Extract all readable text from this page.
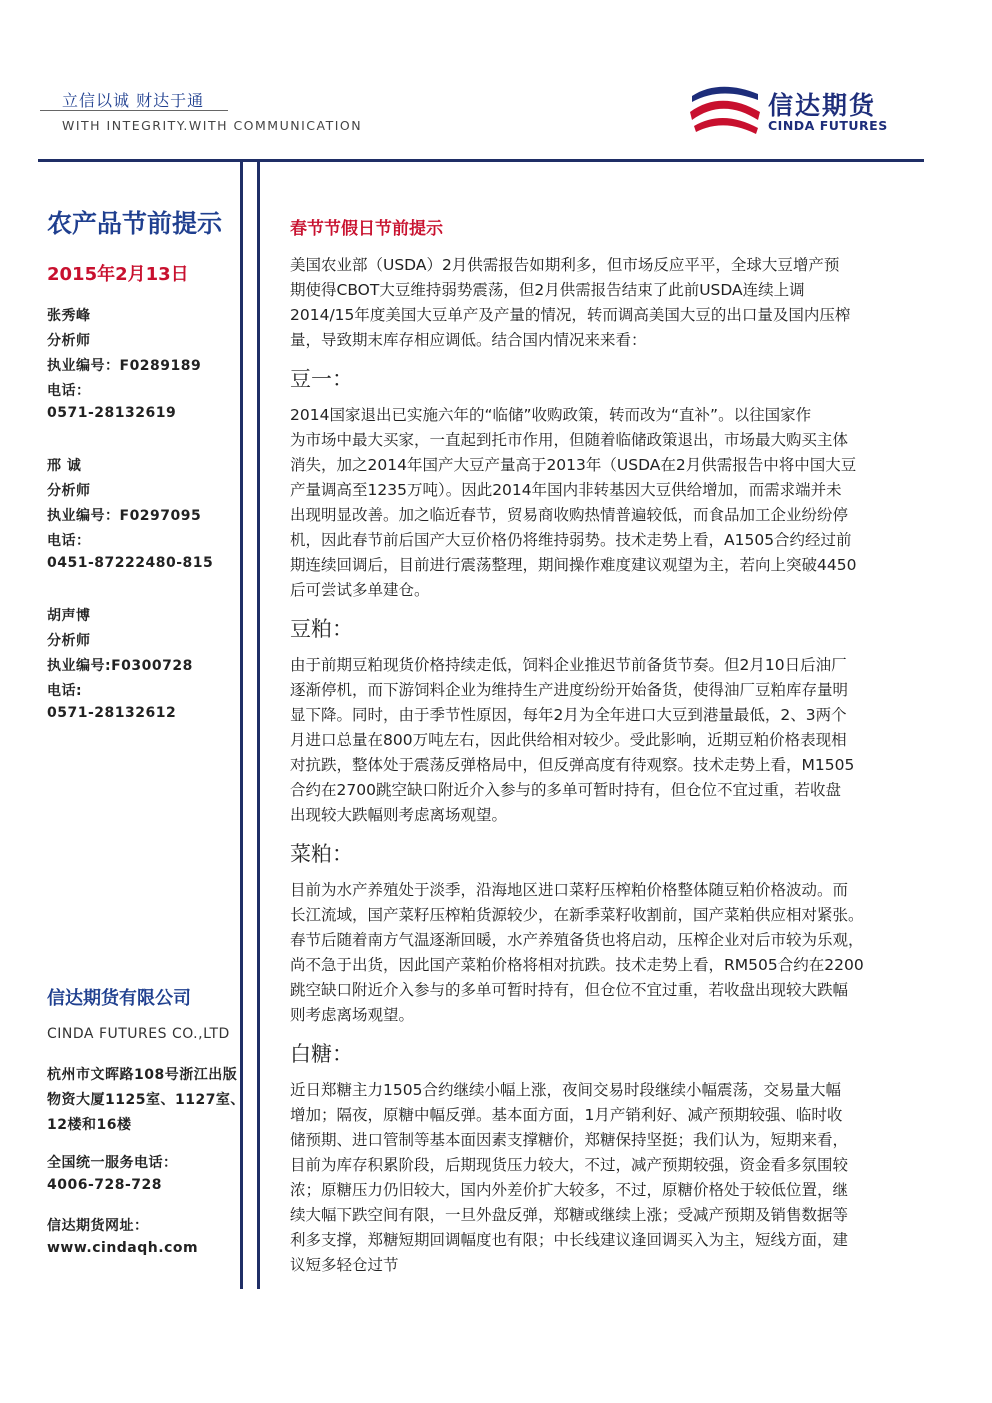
立信以诚 财达于通
WITH INTEGRITY.WITH COMMUNICATION
信达期货
CINDA FUTURES
农产品节前提示
2015年2月13日
张秀峰
分析师
执业编号：F0289189
电话：
0571-28132619
邢 诚
分析师
执业编号：F0297095
电话：
0451-87222480-815
胡声博
分析师
执业编号:F0300728
电话:
0571-28132612
信达期货有限公司
CINDA FUTURES CO.,LTD
杭州市文晖路108号浙江出版
物资大厦1125室、1127室、
12楼和16楼
全国统一服务电话：
4006-728-728
信达期货网址：
www.cindaqh.com
春节节假日节前提示
美国农业部（USDA）2月供需报告如期利多，但市场反应平平，全球大豆增产预
期使得CBOT大豆维持弱势震荡，但2月供需报告结束了此前USDA连续上调
2014/15年度美国大豆单产及产量的情况，转而调高美国大豆的出口量及国内压榨
量，导致期末库存相应调低。结合国内情况来来看：
豆一：
2014国家退出已实施六年的“临储”收购政策，转而改为“直补”。以往国家作
为市场中最大买家，一直起到托市作用，但随着临储政策退出，市场最大购买主体
消失，加之2014年国产大豆产量高于2013年（USDA在2月供需报告中将中国大豆
产量调高至1235万吨）。因此2014年国内非转基因大豆供给增加，而需求端并未
出现明显改善。加之临近春节，贸易商收购热情普遍较低，而食品加工企业纷纷停
机，因此春节前后国产大豆价格仍将维持弱势。技术走势上看，A1505合约经过前
期连续回调后，目前进行震荡整理，期间操作难度建议观望为主，若向上突破4450
后可尝试多单建仓。
豆粕：
由于前期豆粕现货价格持续走低，饲料企业推迟节前备货节奏。但2月10日后油厂
逐渐停机，而下游饲料企业为维持生产进度纷纷开始备货，使得油厂豆粕库存量明
显下降。同时，由于季节性原因，每年2月为全年进口大豆到港量最低，2、3两个
月进口总量在800万吨左右，因此供给相对较少。受此影响，近期豆粕价格表现相
对抗跌，整体处于震荡反弹格局中，但反弹高度有待观察。技术走势上看，M1505
合约在2700跳空缺口附近介入参与的多单可暂时持有，但仓位不宜过重，若收盘
出现较大跌幅则考虑离场观望。
菜粕：
目前为水产养殖处于淡季，沿海地区进口菜籽压榨粕价格整体随豆粕价格波动。而
长江流域，国产菜籽压榨粕货源较少，在新季菜籽收割前，国产菜粕供应相对紧张。
春节后随着南方气温逐渐回暖，水产养殖备货也将启动，压榨企业对后市较为乐观，
尚不急于出货，因此国产菜粕价格将相对抗跌。技术走势上看，RM505合约在2200
跳空缺口附近介入参与的多单可暂时持有，但仓位不宜过重，若收盘出现较大跌幅
则考虑离场观望。
白糖：
近日郑糖主力1505合约继续小幅上涨，夜间交易时段继续小幅震荡，交易量大幅
增加；隔夜，原糖中幅反弹。基本面方面，1月产销利好、减产预期较强、临时收
储预期、进口管制等基本面因素支撑糖价，郑糖保持坚挺；我们认为，短期来看，
目前为库存积累阶段，后期现货压力较大，不过，减产预期较强，资金看多氛围较
浓；原糖压力仍旧较大，国内外差价扩大较多，不过，原糖价格处于较低位置，继
续大幅下跌空间有限，一旦外盘反弹，郑糖或继续上涨；受减产预期及销售数据等
利多支撑，郑糖短期回调幅度也有限；中长线建议逢回调买入为主，短线方面，建
议短多轻仓过节
